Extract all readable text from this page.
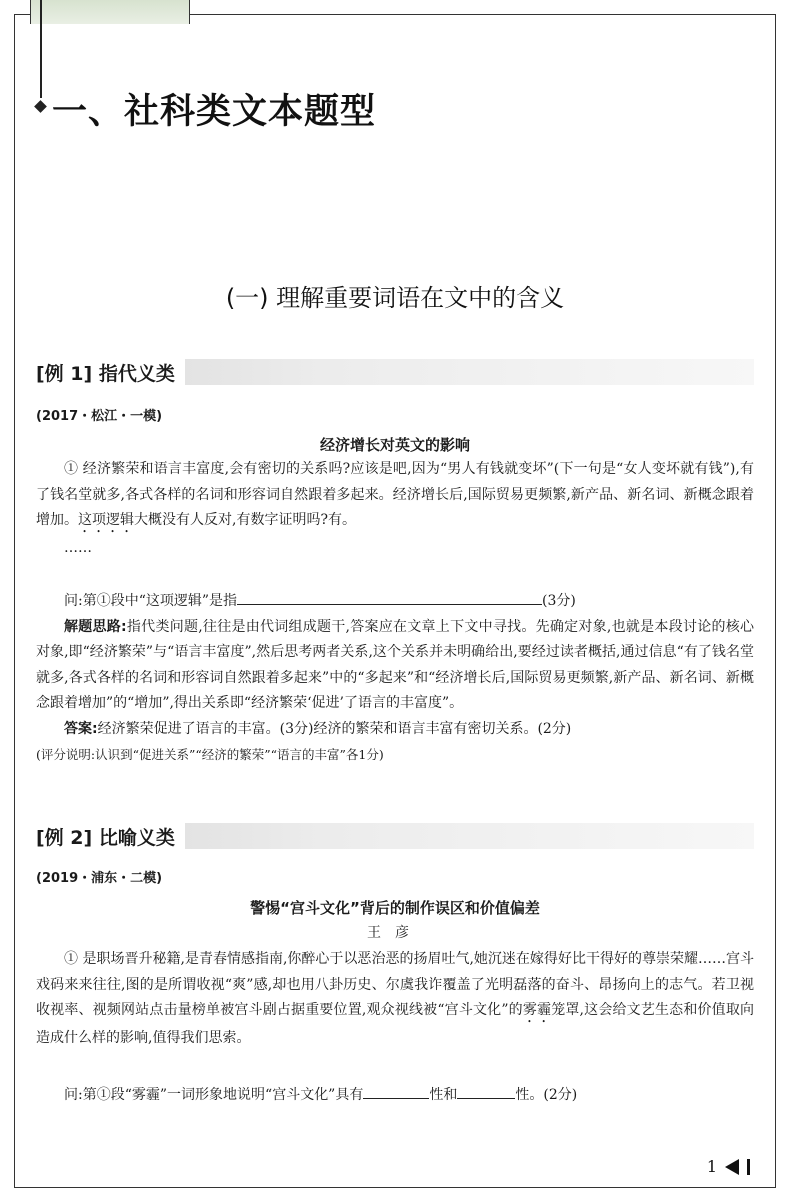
一、社科类文本题型
(一) 理解重要词语在文中的含义
[例 1] 指代义类
(2017・松江・一模)
经济增长对英文的影响

① 经济繁荣和语言丰富度,会有密切的关系吗?应该是吧,因为“男人有钱就变坏”(下一句是“女人变坏就有钱”),有了钱名堂就多,各式各样的名词和形容词自然跟着多起来。经济增长后,国际贸易更频繁,新产品、新名词、新概念跟着增加。这项逻辑大概没有人反对,有数字证明吗?有。

……

问:第①段中“这项逻辑”是指	(3分)

解题思路:指代类问题,往往是由代词组成题干,答案应在文章上下文中寻找。先确定对象,也就是本段讨论的核心对象,即“经济繁荣”与“语言丰富度”,然后思考两者关系,这个关系并未明确给出,要经过读者概括,通过信息“有了钱名堂就多,各式各样的名词和形容词自然跟着多起来”中的“多起来”和“经济增长后,国际贸易更频繁,新产品、新名词、新概念跟着增加”的“增加”,得出关系即“经济繁荣‘促进’了语言的丰富度”。

答案:经济繁荣促进了语言的丰富。(3分)经济的繁荣和语言丰富有密切关系。(2分)

(评分说明:认识到“促进关系”“经济的繁荣”“语言的丰富”各1分)

[例 2] 比喻义类
(2019・浦东・二模)
警惕“宫斗文化”背后的制作误区和价值偏差
王彦

① 是职场晋升秘籍,是青春情感指南,你醉心于以恶治恶的扬眉吐气,她沉迷在嫁得好比干得好的尊崇荣耀……宫斗戏码来来往往,图的是所谓收视“爽”感,却也用八卦历史、尔虞我诈覆盖了光明磊落的奋斗、昂扬向上的志气。若卫视收视率、视频网站点击量榜单被宫斗剧占据重要位置,观众视线被“宫斗文化”的雾霾笼罩,这会给文艺生态和价值取向造成什么样的影响,值得我们思索。

问:第①段“雾霾”一词形象地说明“宫斗文化”具有	性和	性。(2分)

1
